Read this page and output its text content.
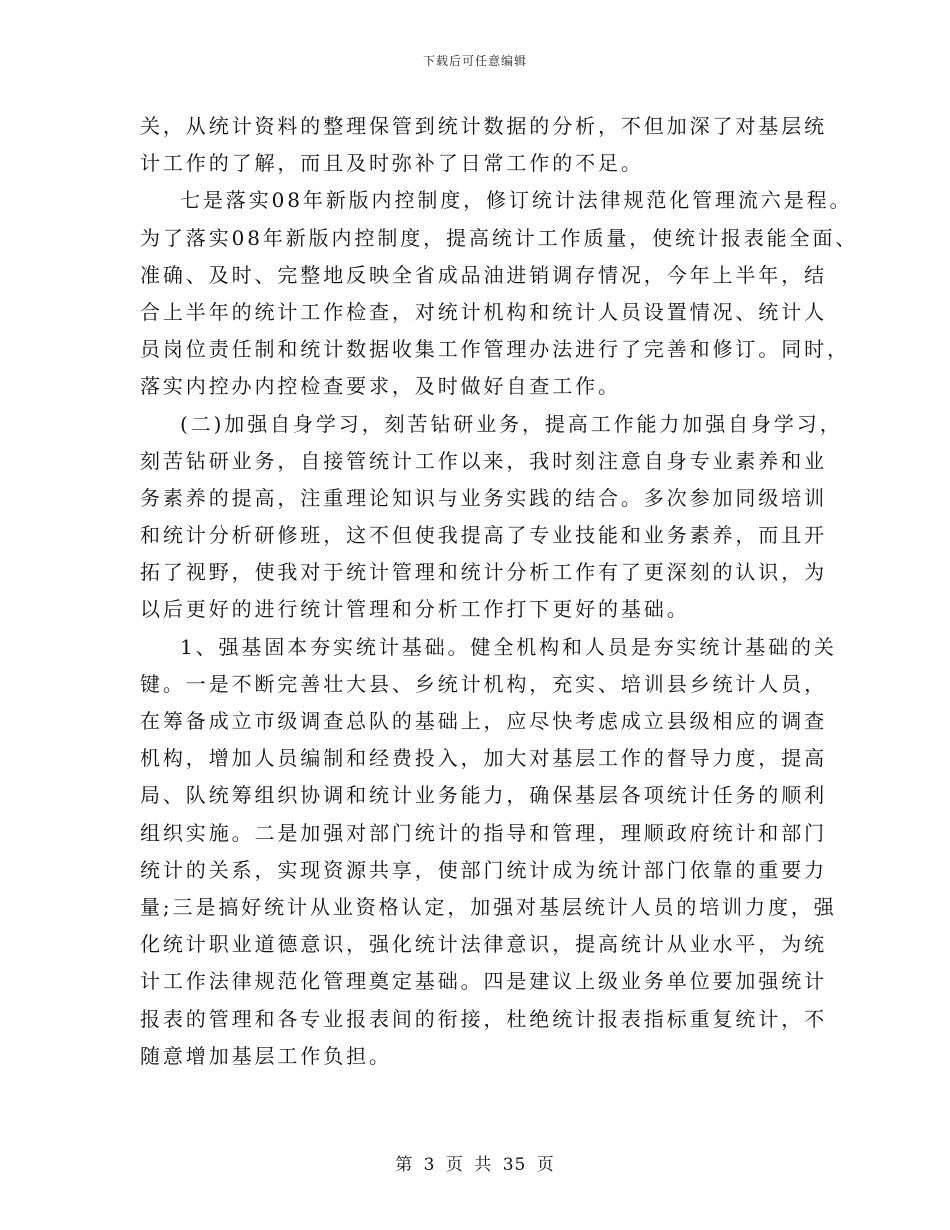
下载后可任意编辑
关，从统计资料的整理保管到统计数据的分析，不但加深了对基层统
计工作的了解，而且及时弥补了日常工作的不足。
七是落实08年新版内控制度，修订统计法律规范化管理流六是程。
为了落实08年新版内控制度，提高统计工作质量，使统计报表能全面、
准确、及时、完整地反映全省成品油进销调存情况，今年上半年，结
合上半年的统计工作检查，对统计机构和统计人员设置情况、统计人
员岗位责任制和统计数据收集工作管理办法进行了完善和修订。同时，
落实内控办内控检查要求，及时做好自查工作。
(二)加强自身学习，刻苦钻研业务，提高工作能力加强自身学习，
刻苦钻研业务，自接管统计工作以来，我时刻注意自身专业素养和业
务素养的提高，注重理论知识与业务实践的结合。多次参加同级培训
和统计分析研修班，这不但使我提高了专业技能和业务素养，而且开
拓了视野，使我对于统计管理和统计分析工作有了更深刻的认识，为
以后更好的进行统计管理和分析工作打下更好的基础。
1、强基固本夯实统计基础。健全机构和人员是夯实统计基础的关
键。一是不断完善壮大县、乡统计机构，充实、培训县乡统计人员，
在筹备成立市级调查总队的基础上，应尽快考虑成立县级相应的调查
机构，增加人员编制和经费投入，加大对基层工作的督导力度，提高
局、队统筹组织协调和统计业务能力，确保基层各项统计任务的顺利
组织实施。二是加强对部门统计的指导和管理，理顺政府统计和部门
统计的关系，实现资源共享，使部门统计成为统计部门依靠的重要力
量;三是搞好统计从业资格认定，加强对基层统计人员的培训力度，强
化统计职业道德意识，强化统计法律意识，提高统计从业水平，为统
计工作法律规范化管理奠定基础。四是建议上级业务单位要加强统计
报表的管理和各专业报表间的衔接，杜绝统计报表指标重复统计，不
随意增加基层工作负担。
第 3 页 共 35 页
